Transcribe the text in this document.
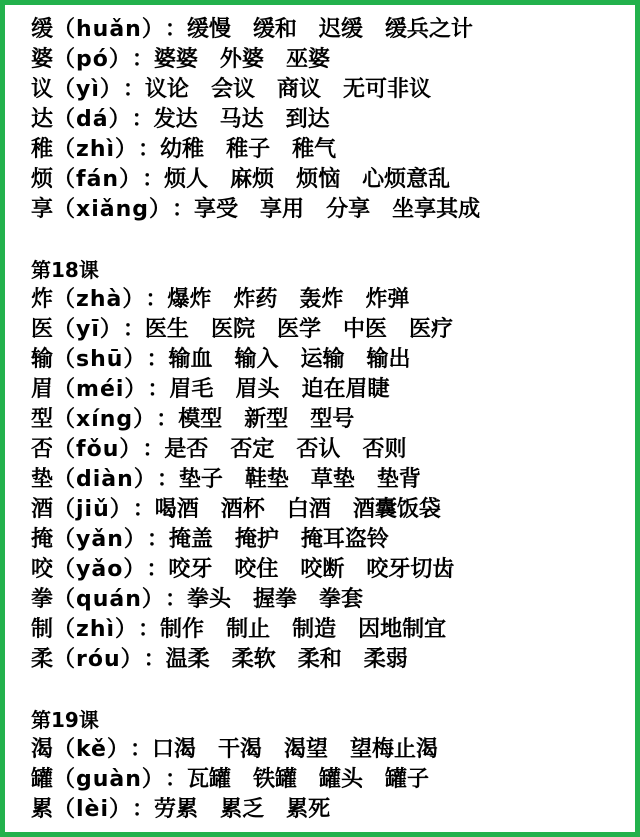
缓（huǎn）：缓慢 缓和 迟缓 缓兵之计
婆（pó）：婆婆 外婆 巫婆
议（yì）：议论 会议 商议 无可非议
达（dá）：发达 马达 到达
稚（zhì）：幼稚 稚子 稚气
烦（fán）：烦人 麻烦 烦恼 心烦意乱
享（xiǎng）：享受 享用 分享 坐享其成
第18课
炸（zhà）：爆炸 炸药 轰炸 炸弹
医（yī）：医生 医院 医学 中医 医疗
输（shū）：输血 输入 运输 输出
眉（méi）：眉毛 眉头 迫在眉睫
型（xíng）：模型 新型 型号
否（fǒu）：是否 否定 否认 否则
垫（diàn）：垫子 鞋垫 草垫 垫背
酒（jiǔ）：喝酒 酒杯 白酒 酒囊饭袋
掩（yǎn）：掩盖 掩护 掩耳盗铃
咬（yǎo）：咬牙 咬住 咬断 咬牙切齿
拳（quán）：拳头 握拳 拳套
制（zhì）：制作 制止 制造 因地制宜
柔（róu）：温柔 柔软 柔和 柔弱
第19课
渴（kě）：口渴 干渴 渴望 望梅止渴
罐（guàn）：瓦罐 铁罐 罐头 罐子
累（lèi）：劳累 累乏 累死
